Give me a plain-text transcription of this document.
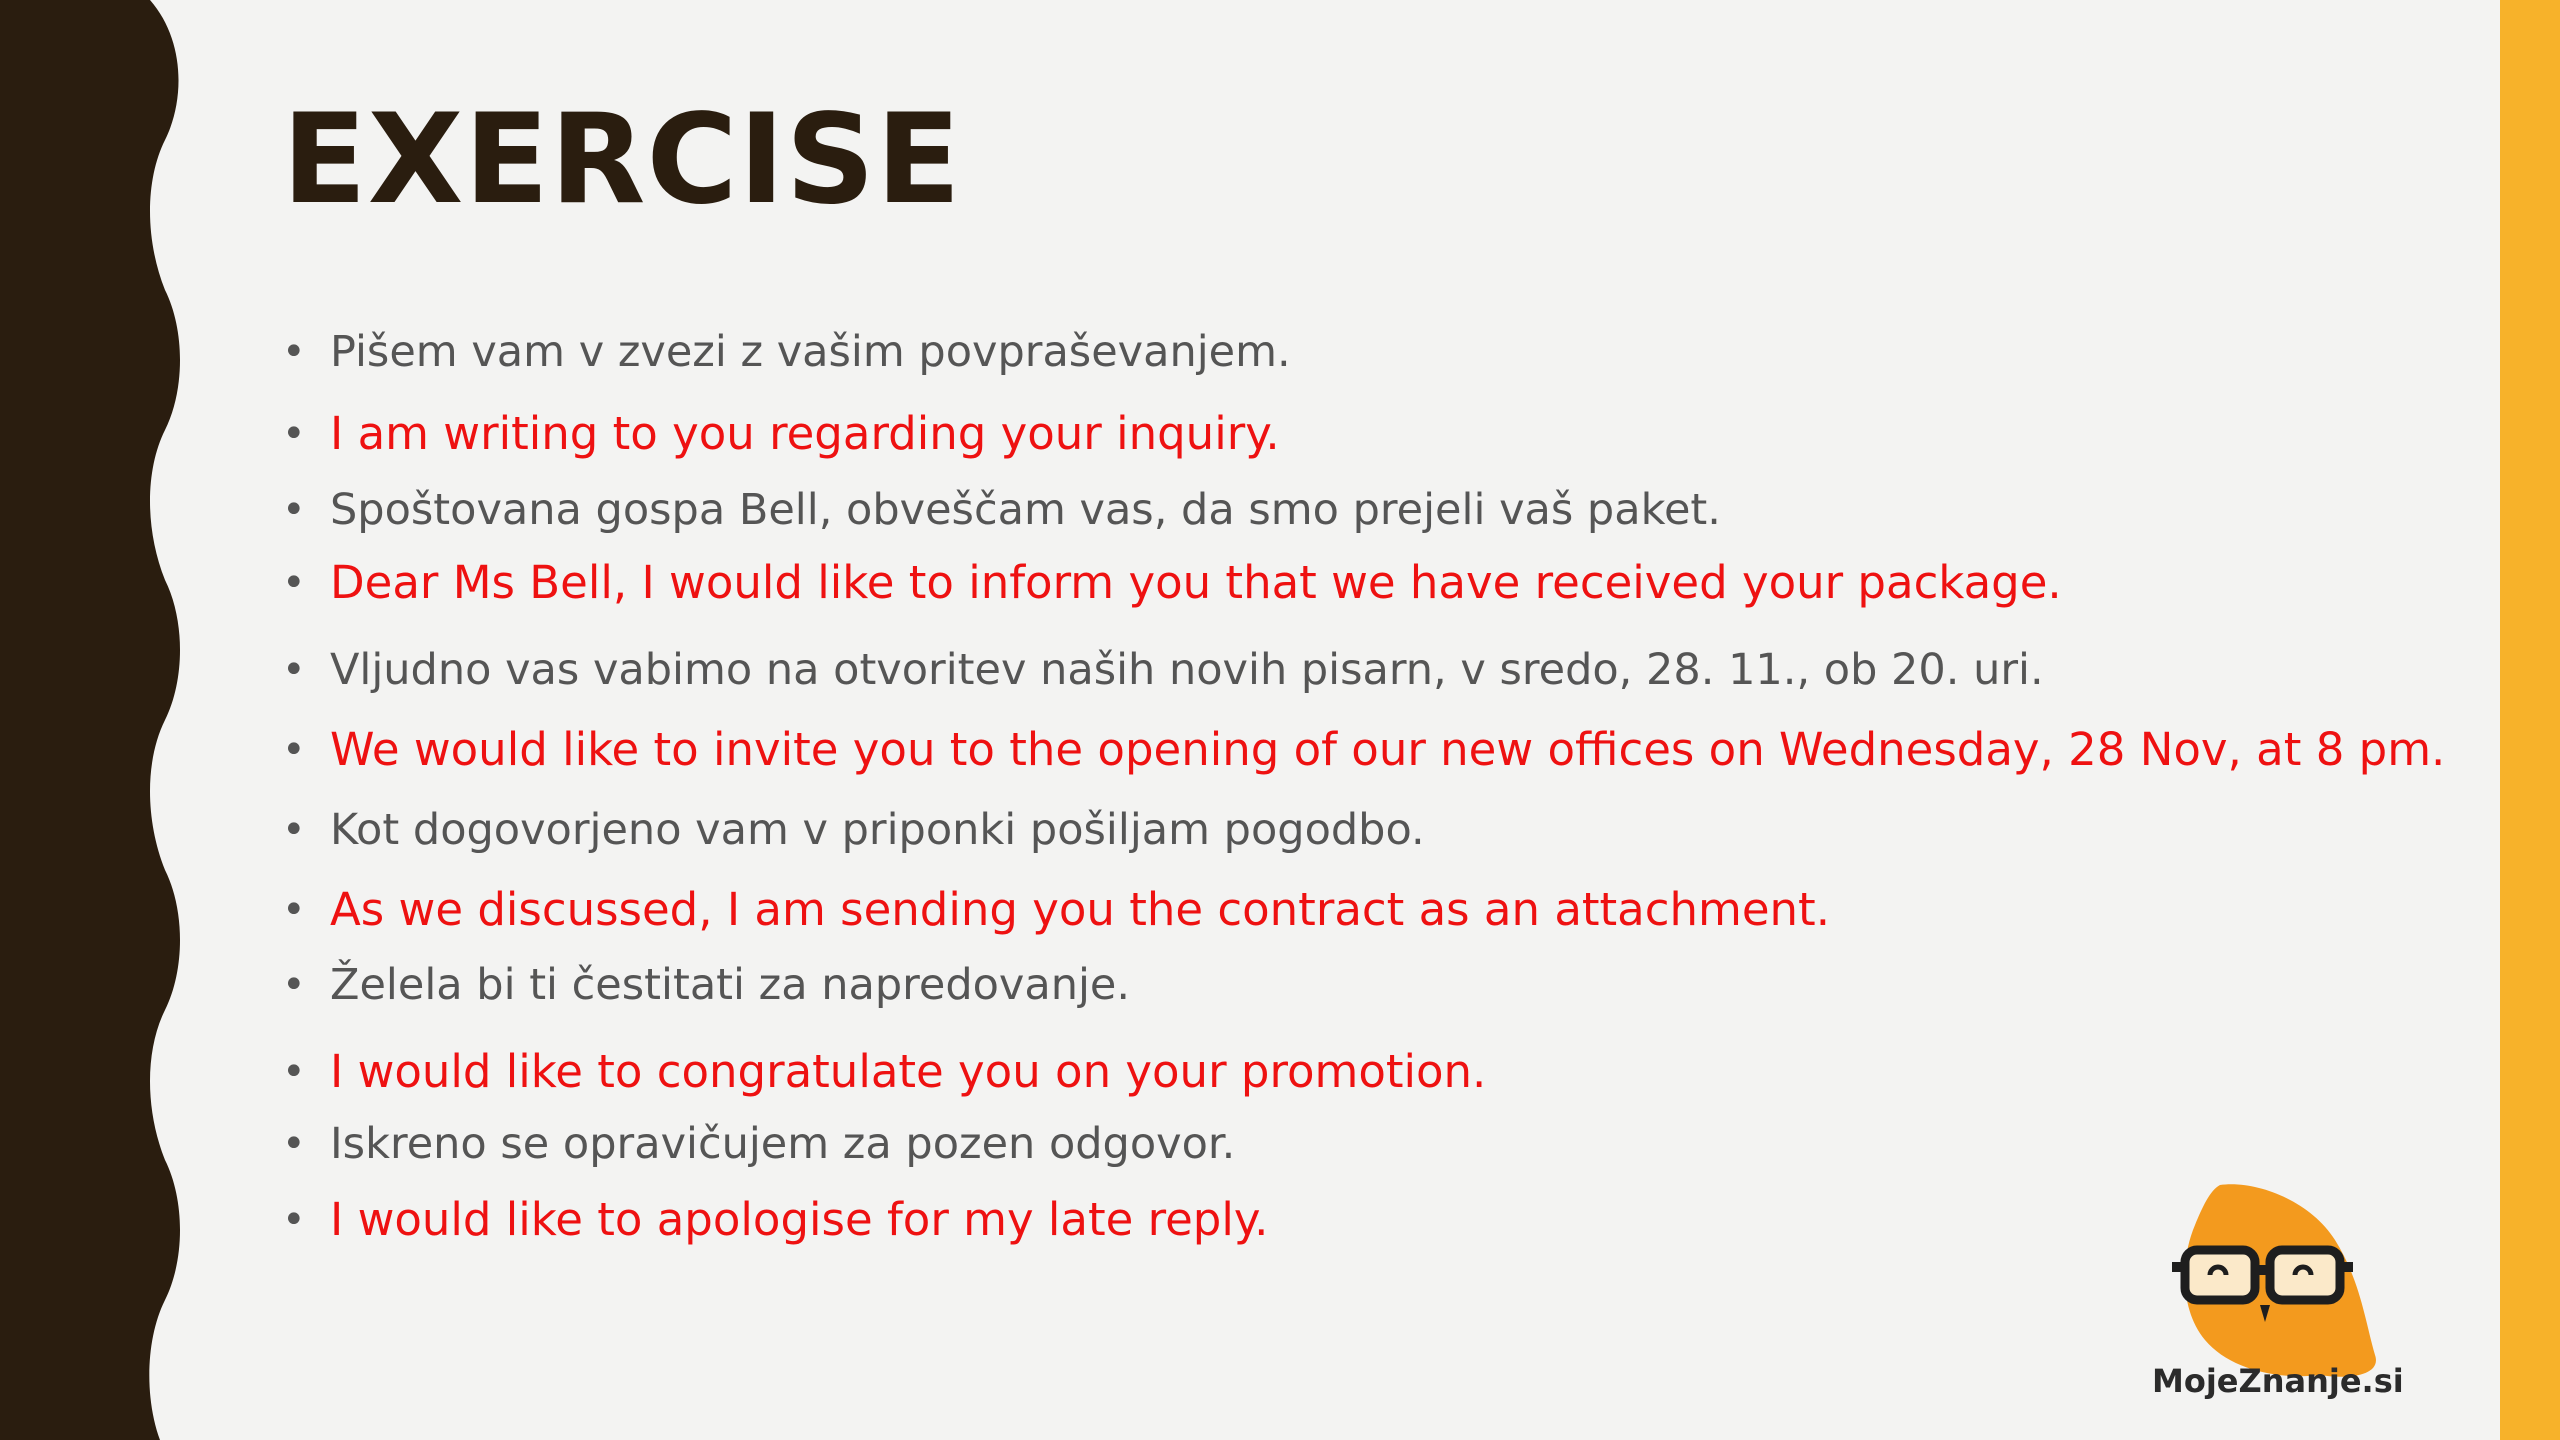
EXERCISE
• Pišem vam v zvezi z vašim povpraševanjem.
• I am writing to you regarding your inquiry.
• Spoštovana gospa Bell, obveščam vas, da smo prejeli vaš paket.
• Dear Ms Bell, I would like to inform you that we have received your package.
• Vljudno vas vabimo na otvoritev naših novih pisarn, v sredo, 28. 11., ob 20. uri.
• We would like to invite you to the opening of our new offices on Wednesday, 28 Nov, at 8 pm.
• Kot dogovorjeno vam v priponki pošiljam pogodbo.
• As we discussed, I am sending you the contract as an attachment.
• Želela bi ti čestitati za napredovanje.
• I would like to congratulate you on your promotion.
• Iskreno se opravičujem za pozen odgovor.
• I would like to apologise for my late reply.
MojeZnanje.si
